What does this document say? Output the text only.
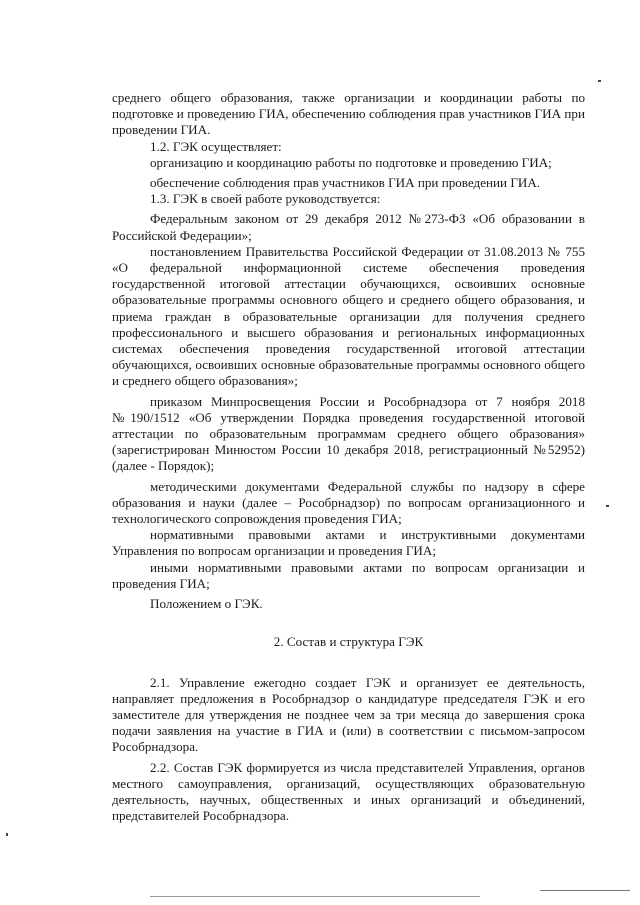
среднего общего образования, также организации и координации работы по подготовке и проведению ГИА, обеспечению соблюдения прав участников ГИА при проведении ГИА.

1.2. ГЭК осуществляет:

организацию и координацию работы по подготовке и проведению ГИА;

обеспечение соблюдения прав участников ГИА при проведении ГИА.

1.3. ГЭК в своей работе руководствуется:

Федеральным законом от 29 декабря 2012 №273-ФЗ «Об образовании в Российской Федерации»;

постановлением Правительства Российской Федерации от 31.08.2013 № 755 «О федеральной информационной системе обеспечения проведения государственной итоговой аттестации обучающихся, освоивших основные образовательные программы основного общего и среднего общего образования, и приема граждан в образовательные организации для получения среднего профессионального и высшего образования и региональных информационных системах обеспечения проведения государственной итоговой аттестации обучающихся, освоивших основные образовательные программы основного общего и среднего общего образования»;

приказом Минпросвещения России и Рособрнадзора от 7 ноября 2018 №190/1512 «Об утверждении Порядка проведения государственной итоговой аттестации по образовательным программам среднего общего образования» (зарегистрирован Минюстом России 10 декабря 2018, регистрационный №52952) (далее - Порядок);

методическими документами Федеральной службы по надзору в сфере образования и науки (далее – Рособрнадзор) по вопросам организационного и технологического сопровождения проведения ГИА;

нормативными правовыми актами и инструктивными документами Управления по вопросам организации и проведения ГИА;

иными нормативными правовыми актами по вопросам организации и проведения ГИА;

Положением о ГЭК.

2. Состав и структура ГЭК

2.1. Управление ежегодно создает ГЭК и организует ее деятельность, направляет предложения в Рособрнадзор о кандидатуре председателя ГЭК и его заместителе для утверждения не позднее чем за три месяца до завершения срока подачи заявления на участие в ГИА и (или) в соответствии с письмом-запросом Рособрнадзора.

2.2. Состав ГЭК формируется из числа представителей Управления, органов местного самоуправления, организаций, осуществляющих образовательную деятельность, научных, общественных и иных организаций и объединений, представителей Рособрнадзора.
